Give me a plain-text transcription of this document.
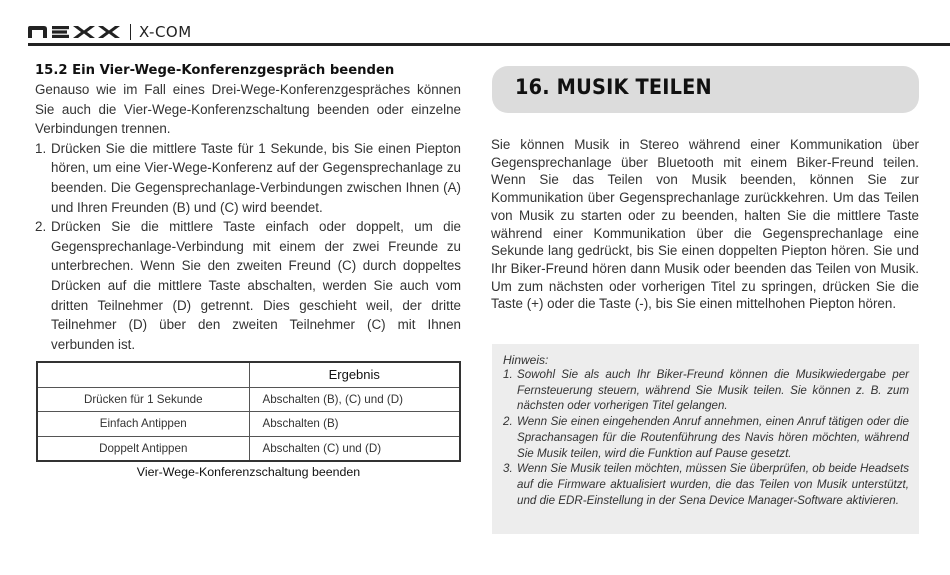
X-COM
15.2 Ein Vier-Wege-Konferenzgespräch beenden

Genauso wie im Fall eines Drei-Wege-Konferenzgespräches können Sie auch die Vier-Wege-Konferenzschaltung beenden oder einzelne Verbindungen trennen.

1. Drücken Sie die mittlere Taste für 1 Sekunde, bis Sie einen Piepton hören, um eine Vier-Wege-Konferenz auf der Gegensprechanlage zu beenden. Die Gegensprechanlage-Verbindungen zwischen Ihnen (A) und Ihren Freunden (B) und (C) wird beendet.
2. Drücken Sie die mittlere Taste einfach oder doppelt, um die Gegensprechanlage-Verbindung mit einem der zwei Freunde zu unterbrechen. Wenn Sie den zweiten Freund (C) durch doppeltes Drücken auf die mittlere Taste abschalten, werden Sie auch vom dritten Teilnehmer (D) getrennt. Dies geschieht weil, der dritte Teilnehmer (D) über den zweiten Teilnehmer (C) mit Ihnen verbunden ist.
	Ergebnis
Drücken für 1 Sekunde	Abschalten (B), (C) und (D)
Einfach Antippen	Abschalten (B)
Doppelt Antippen	Abschalten (C) und (D)
Vier-Wege-Konferenzschaltung beenden
16. MUSIK TEILEN

Sie können Musik in Stereo während einer Kommunikation über Gegensprechanlage über Bluetooth mit einem Biker-Freund teilen. Wenn Sie das Teilen von Musik beenden, können Sie zur Kommunikation über Gegensprechanlage zurückkehren. Um das Teilen von Musik zu starten oder zu beenden, halten Sie die mittlere Taste während einer Kommunikation über die Gegensprechanlage eine Sekunde lang gedrückt, bis Sie einen doppelten Piepton hören. Sie und Ihr Biker-Freund hören dann Musik oder beenden das Teilen von Musik. Um zum nächsten oder vorherigen Titel zu springen, drücken Sie die Taste (+) oder die Taste (-), bis Sie einen mittelhohen Piepton hören.

Hinweis:
1. Sowohl Sie als auch Ihr Biker-Freund können die Musikwiedergabe per Fernsteuerung steuern, während Sie Musik teilen. Sie können z. B. zum nächsten oder vorherigen Titel gelangen.
2. Wenn Sie einen eingehenden Anruf annehmen, einen Anruf tätigen oder die Sprachansagen für die Routenführung des Navis hören möchten, während Sie Musik teilen, wird die Funktion auf Pause gesetzt.
3. Wenn Sie Musik teilen möchten, müssen Sie überprüfen, ob beide Headsets auf die Firmware aktualisiert wurden, die das Teilen von Musik unterstützt, und die EDR-Einstellung in der Sena Device Manager-Software aktivieren.
